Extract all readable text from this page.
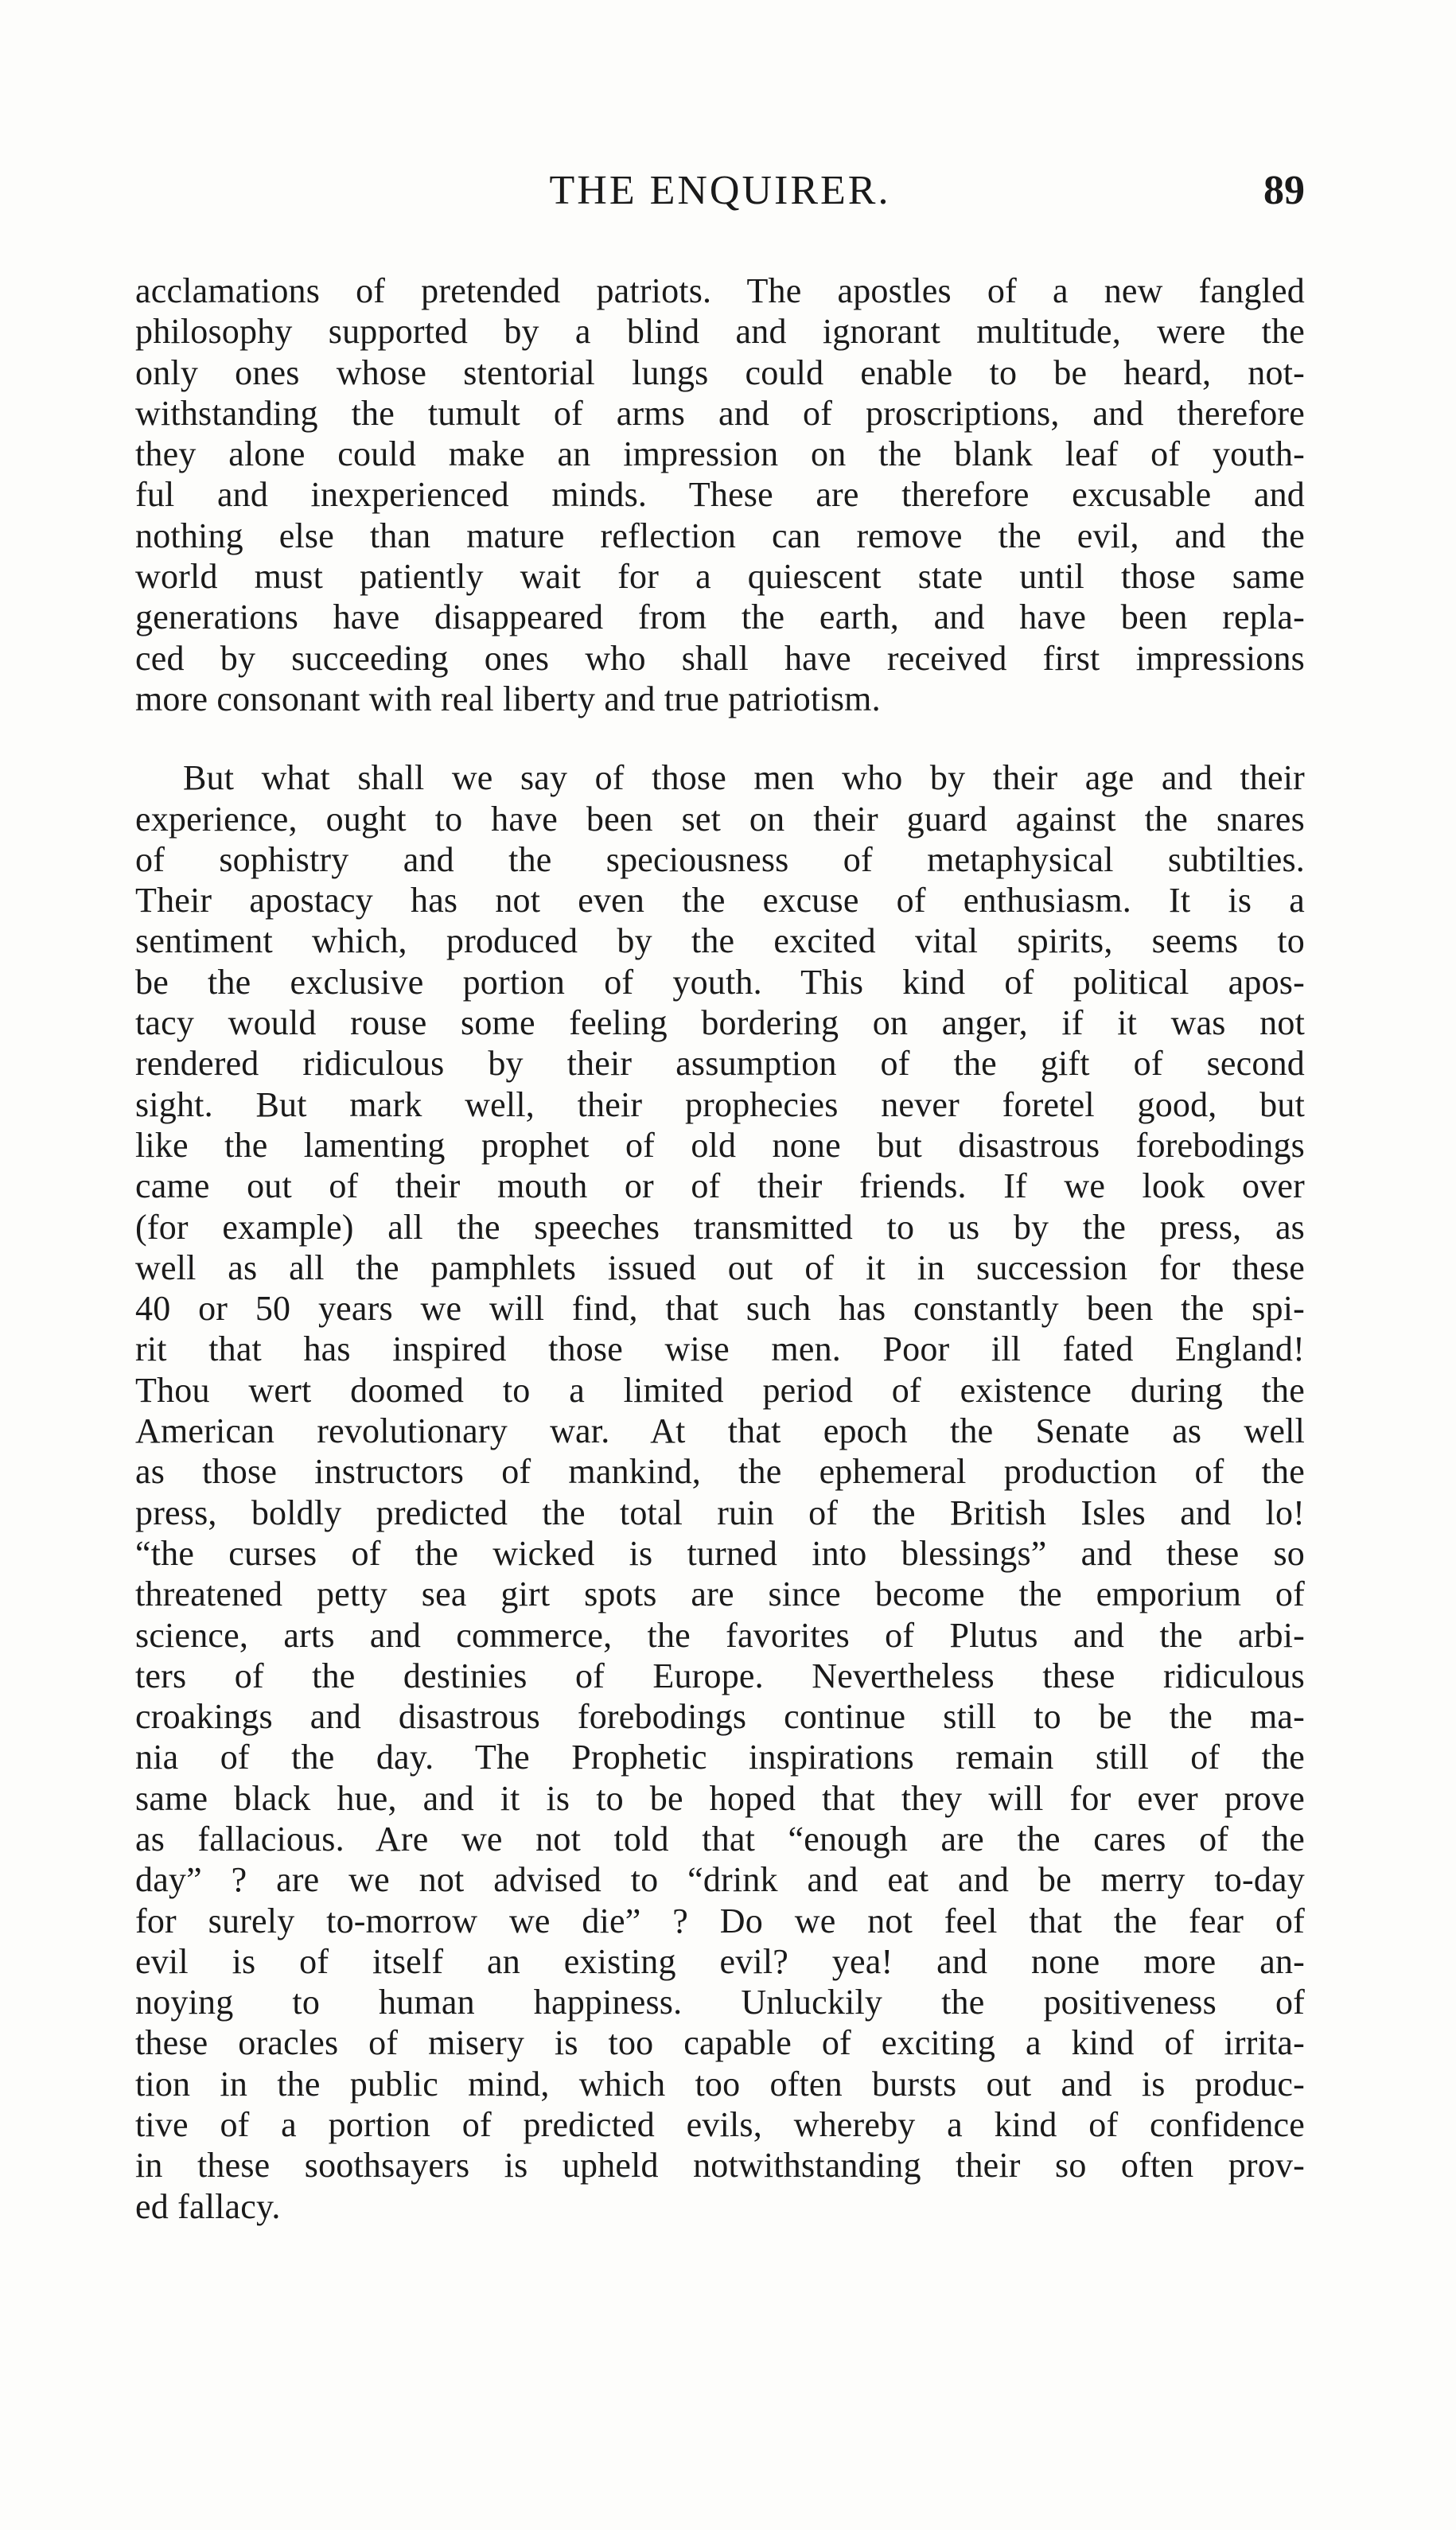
THE ENQUIRER.	89
acclamations of pretended patriots. The apostles of a new fangled
philosophy supported by a blind and ignorant multitude, were the
only ones whose stentorial lungs could enable to be heard, not-
withstanding the tumult of arms and of proscriptions, and therefore
they alone could make an impression on the blank leaf of youth-
ful and inexperienced minds. These are therefore excusable and
nothing else than mature reflection can remove the evil, and the
world must patiently wait for a quiescent state until those same
generations have disappeared from the earth, and have been repla-
ced by succeeding ones who shall have received first impressions
more consonant with real liberty and true patriotism.
But what shall we say of those men who by their age and their
experience, ought to have been set on their guard against the snares
of sophistry and the speciousness of metaphysical subtilties.
Their apostacy has not even the excuse of enthusiasm. It is a
sentiment which, produced by the excited vital spirits, seems to
be the exclusive portion of youth. This kind of political apos-
tacy would rouse some feeling bordering on anger, if it was not
rendered ridiculous by their assumption of the gift of second
sight. But mark well, their prophecies never foretel good, but
like the lamenting prophet of old none but disastrous forebodings
came out of their mouth or of their friends. If we look over
(for example) all the speeches transmitted to us by the press, as
well as all the pamphlets issued out of it in succession for these
40 or 50 years we will find, that such has constantly been the spi-
rit that has inspired those wise men. Poor ill fated England!
Thou wert doomed to a limited period of existence during the
American revolutionary war. At that epoch the Senate as well
as those instructors of mankind, the ephemeral production of the
press, boldly predicted the total ruin of the British Isles and lo!
“the curses of the wicked is turned into blessings” and these so
threatened petty sea girt spots are since become the emporium of
science, arts and commerce, the favorites of Plutus and the arbi-
ters of the destinies of Europe. Nevertheless these ridiculous
croakings and disastrous forebodings continue still to be the ma-
nia of the day. The Prophetic inspirations remain still of the
same black hue, and it is to be hoped that they will for ever prove
as fallacious. Are we not told that “enough are the cares of the
day” ? are we not advised to “drink and eat and be merry to-day
for surely to-morrow we die” ? Do we not feel that the fear of
evil is of itself an existing evil? yea! and none more an-
noying to human happiness. Unluckily the positiveness of
these oracles of misery is too capable of exciting a kind of irrita-
tion in the public mind, which too often bursts out and is produc-
tive of a portion of predicted evils, whereby a kind of confidence
in these soothsayers is upheld notwithstanding their so often prov-
ed fallacy.
